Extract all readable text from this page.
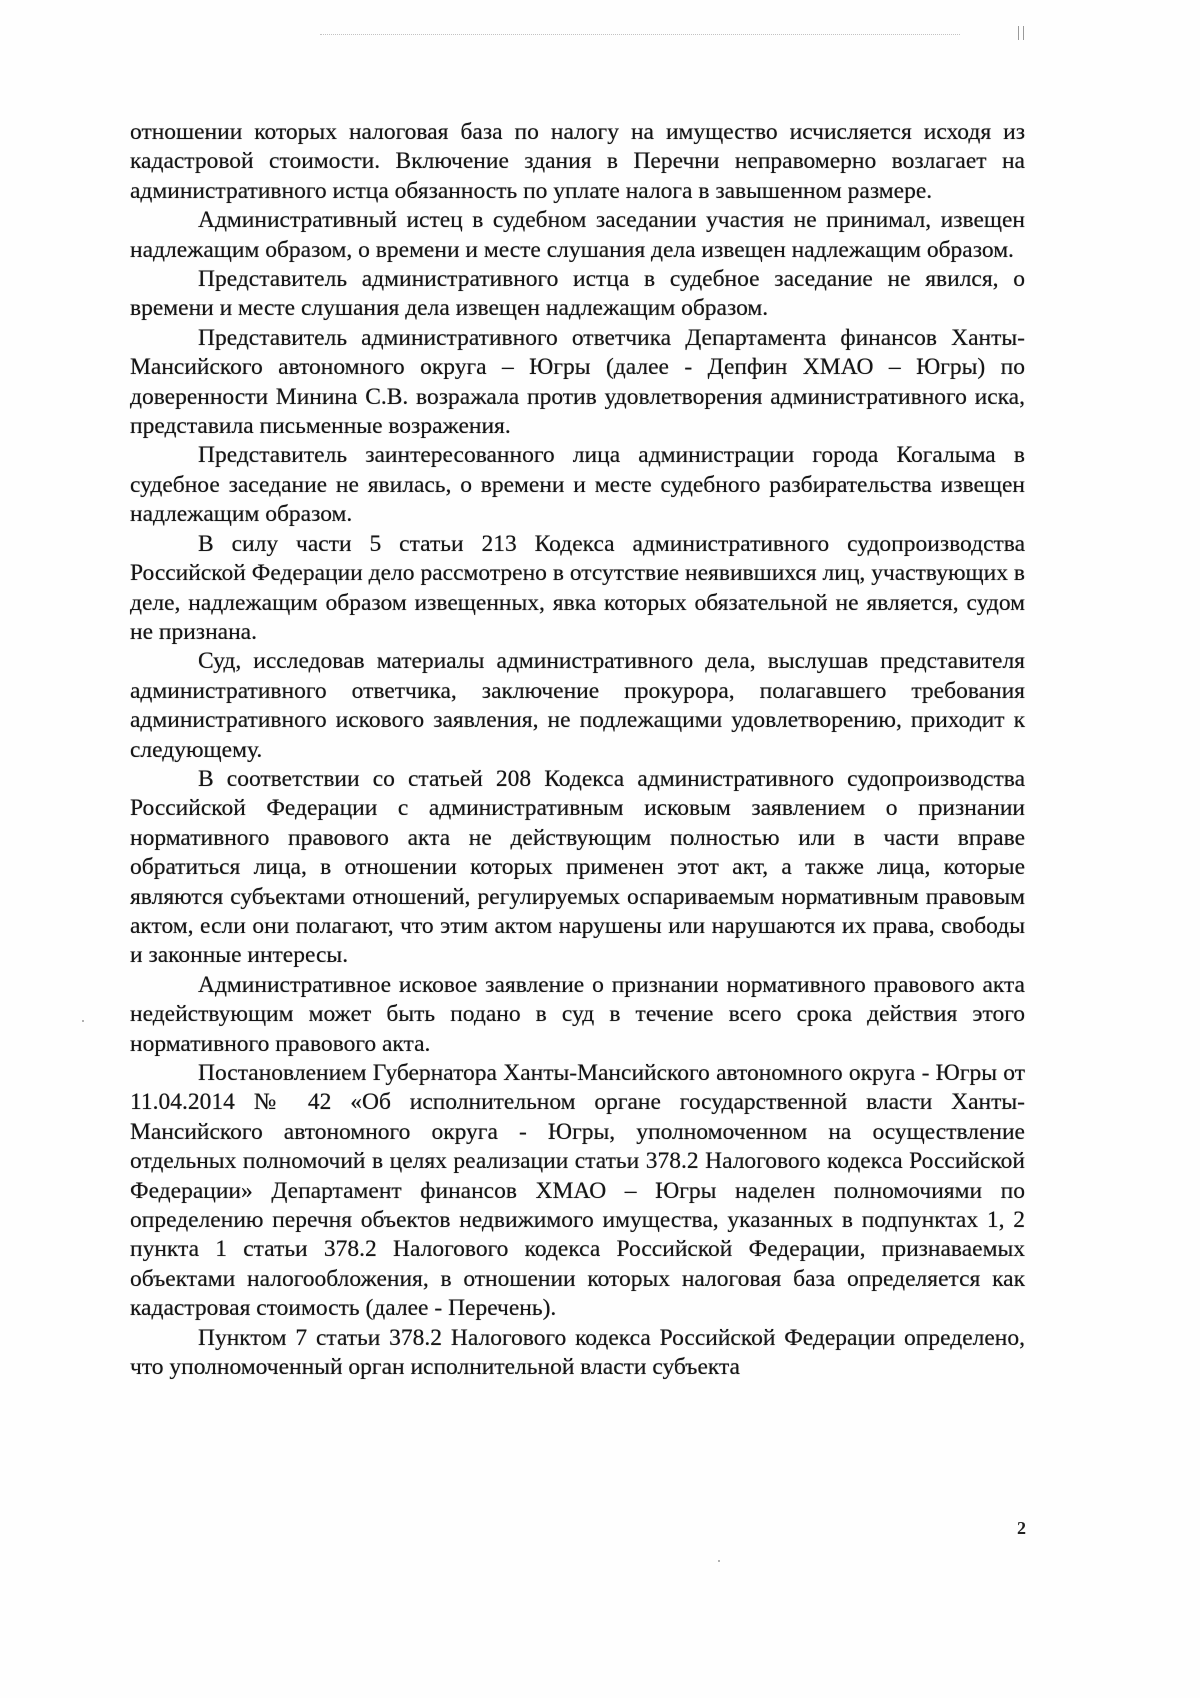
отношении которых налоговая база по налогу на имущество исчисляется исходя из кадастровой стоимости. Включение здания в Перечни неправомерно возлагает на административного истца обязанность по уплате налога в завышенном размере.

Административный истец в судебном заседании участия не принимал, извещен надлежащим образом, о времени и месте слушания дела извещен надлежащим образом.

Представитель административного истца в судебное заседание не явился, о времени и месте слушания дела извещен надлежащим образом.

Представитель административного ответчика Департамента финансов Ханты-Мансийского автономного округа – Югры (далее - Депфин ХМАО – Югры) по доверенности Минина С.В. возражала против удовлетворения административного иска, представила письменные возражения.

Представитель заинтересованного лица администрации города Когалыма в судебное заседание не явилась, о времени и месте судебного разбирательства извещен надлежащим образом.

В силу части 5 статьи 213 Кодекса административного судопроизводства Российской Федерации дело рассмотрено в отсутствие неявившихся лиц, участвующих в деле, надлежащим образом извещенных, явка которых обязательной не является, судом не признана.

Суд, исследовав материалы административного дела, выслушав представителя административного ответчика, заключение прокурора, полагавшего требования административного искового заявления, не подлежащими удовлетворению, приходит к следующему.

В соответствии со статьей 208 Кодекса административного судопроизводства Российской Федерации с административным исковым заявлением о признании нормативного правового акта не действующим полностью или в части вправе обратиться лица, в отношении которых применен этот акт, а также лица, которые являются субъектами отношений, регулируемых оспариваемым нормативным правовым актом, если они полагают, что этим актом нарушены или нарушаются их права, свободы и законные интересы.

Административное исковое заявление о признании нормативного правового акта недействующим может быть подано в суд в течение всего срока действия этого нормативного правового акта.

Постановлением Губернатора Ханты-Мансийского автономного округа - Югры от 11.04.2014 № 42 «Об исполнительном органе государственной власти Ханты-Мансийского автономного округа - Югры, уполномоченном на осуществление отдельных полномочий в целях реализации статьи 378.2 Налогового кодекса Российской Федерации» Департамент финансов ХМАО – Югры наделен полномочиями по определению перечня объектов недвижимого имущества, указанных в подпунктах 1, 2 пункта 1 статьи 378.2 Налогового кодекса Российской Федерации, признаваемых объектами налогообложения, в отношении которых налоговая база определяется как кадастровая стоимость (далее - Перечень).

Пунктом 7 статьи 378.2 Налогового кодекса Российской Федерации определено, что уполномоченный орган исполнительной власти субъекта

2
